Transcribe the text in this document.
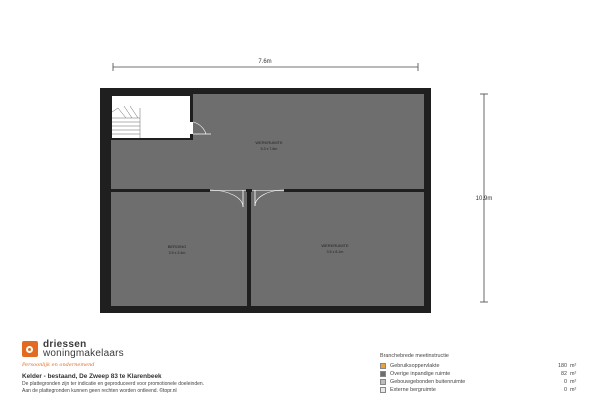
7.6m
10.9m
WERKRUIMTE
5.3 x 7.6m
BERGING
3.9 x 3.4m
WERKRUIMTE
3.5 x 8.1m
driessen
woningmakelaars
Persoonlijk en ondernemend
Kelder - bestaand, De Zweep 83 te Klarenbeek
De plattegronden zijn ter indicatie en geproduceerd voor promotionele doeleinden.
Aan de plattegronden kunnen geen rechten worden ontleend. ©topr.nl
Branchebrede meetinstructie
Gebruiksoppervlakte	180 m²
Overige inpandige ruimte	82 m²
Gebouwgebonden buitenruimte	0 m²
Externe bergruimte	0 m²
